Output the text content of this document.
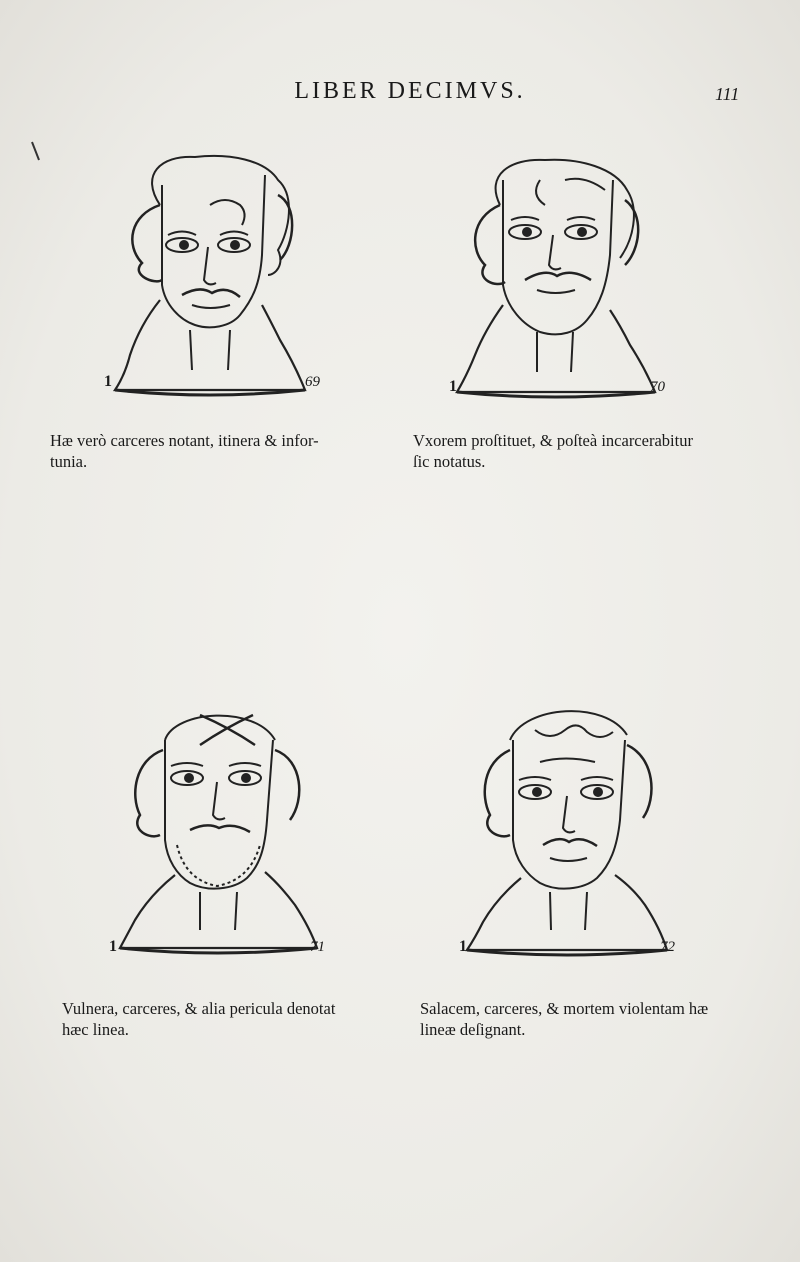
LIBER DECIMVS.	111
1	69	1	70
Hæ verò carceres notant, itinera & infor-
tunia.
Vxorem proſtituet, & poſteà incarcerabitur
ſic notatus.
1	71	1	72
Vulnera, carceres, & alia pericula denotat
hæc linea.
Salacem, carceres, & mortem violentam hæ
lineæ deſignant.
